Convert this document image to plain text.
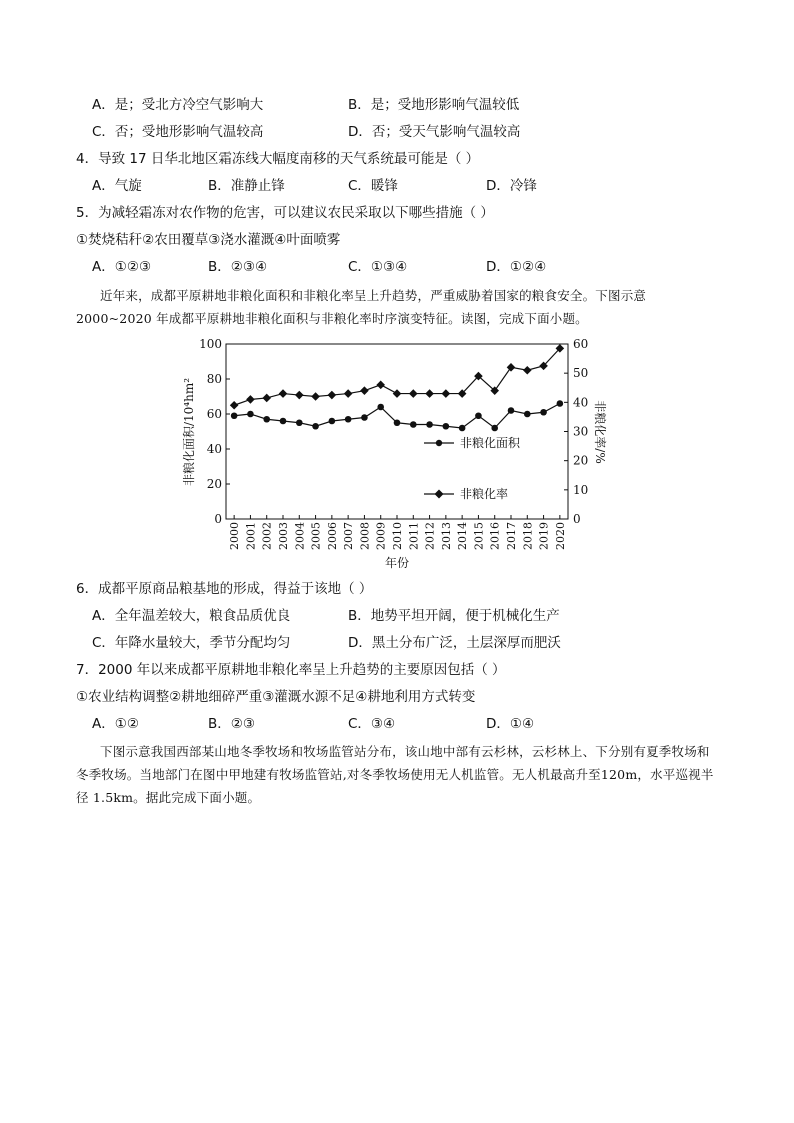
A．是；受北方冷空气影响大	B．是；受地形影响气温较低
C．否；受地形影响气温较高	D．否；受天气影响气温较高
4．导致 17 日华北地区霜冻线大幅度南移的天气系统最可能是（ ）
A．气旋	B．准静止锋	C．暖锋	D．冷锋
5．为减轻霜冻对农作物的危害，可以建议农民采取以下哪些措施（ ）
①焚烧秸秆②农田覆草③浇水灌溉④叶面喷雾
A．①②③	B．②③④	C．①③④	D．①②④
近年来，成都平原耕地非粮化面积和非粮化率呈上升趋势，严重威胁着国家的粮食安全。下图示意2000~2020 年成都平原耕地非粮化面积与非粮化率时序演变特征。读图，完成下面小题。
0
20
40
60
80
100
0
10
20
30
40
50
60
2000 2001 2002 2003 2004 2005 2006 2007 2008 2009 2010 2011 2012 2013 2014 2015 2016 2017 2018 2019 2020
非粮化面积/10⁴hm²	非粮化率/%
年份
非粮化面积
非粮化率
6．成都平原商品粮基地的形成，得益于该地（ ）
A．全年温差较大，粮食品质优良	B．地势平坦开阔，便于机械化生产
C．年降水量较大，季节分配均匀	D．黑土分布广泛，土层深厚而肥沃
7．2000 年以来成都平原耕地非粮化率呈上升趋势的主要原因包括（ ）
①农业结构调整②耕地细碎严重③灌溉水源不足④耕地利用方式转变
A．①②	B．②③	C．③④	D．①④
下图示意我国西部某山地冬季牧场和牧场监管站分布，该山地中部有云杉林，云杉林上、下分别有夏季牧场和冬季牧场。当地部门在图中甲地建有牧场监管站,对冬季牧场使用无人机监管。无人机最高升至120m，水平巡视半径 1.5km。据此完成下面小题。
